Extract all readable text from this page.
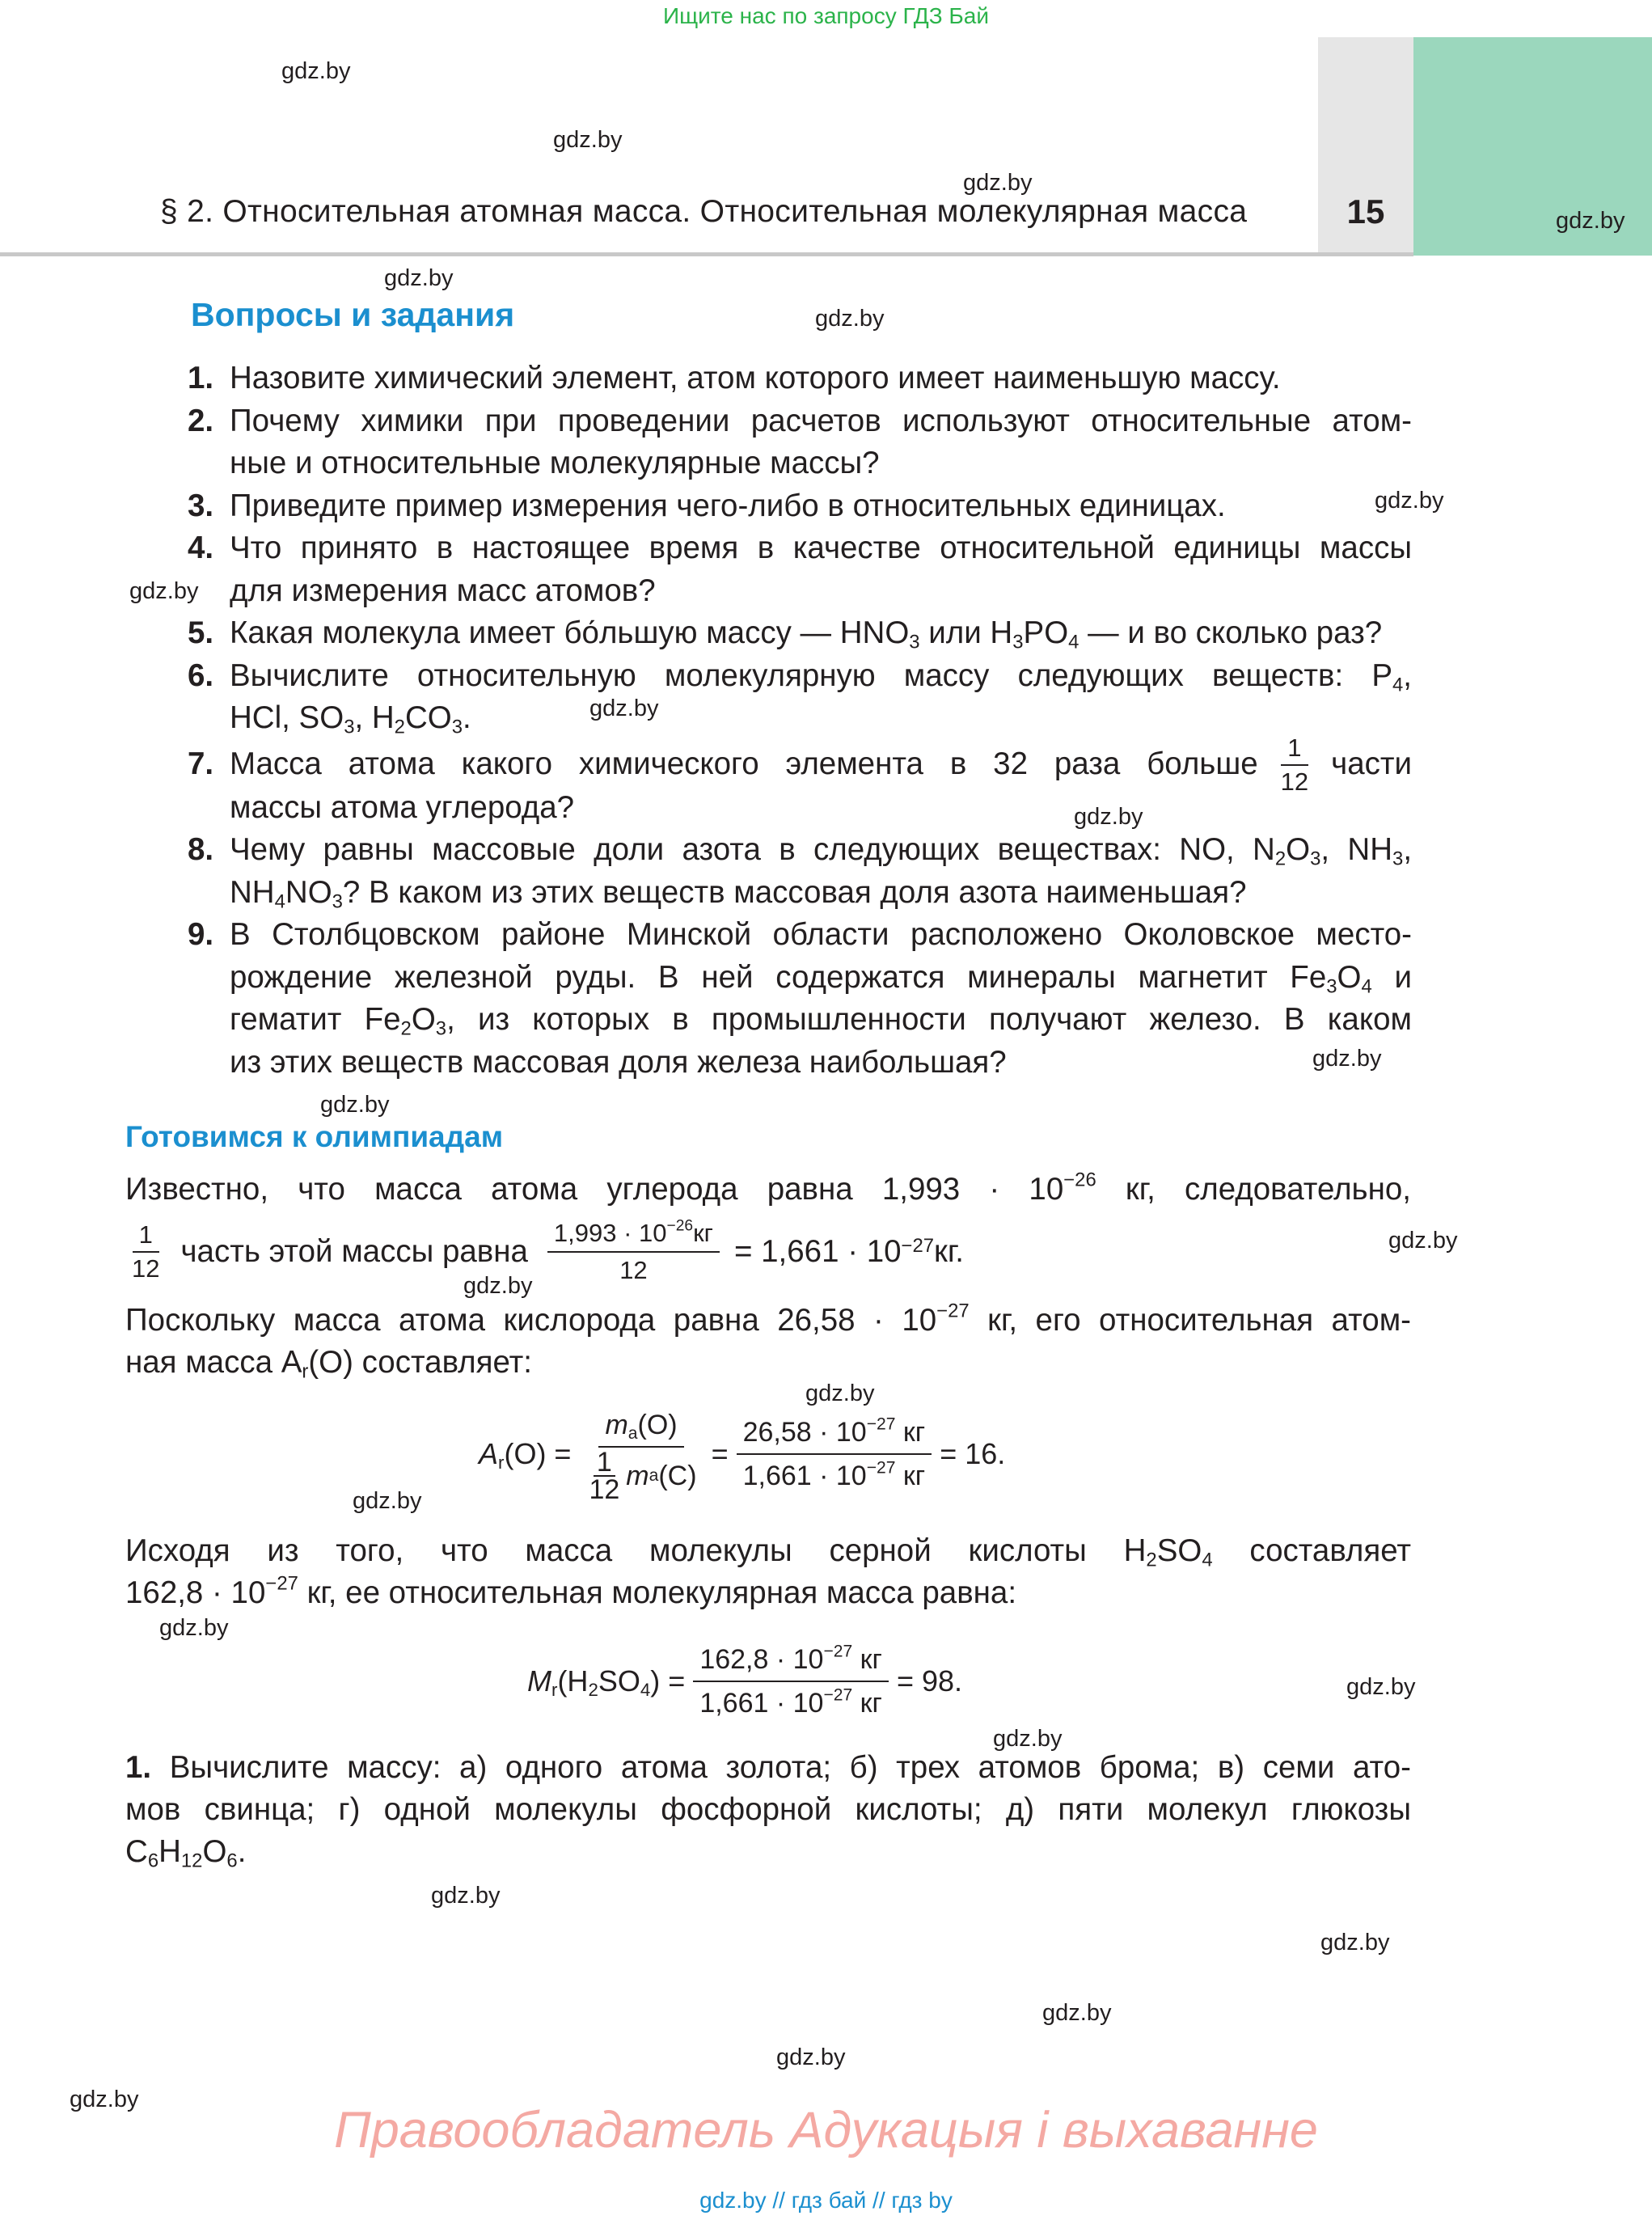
Ищите нас по запросу ГДЗ Бай
§ 2. Относительная атомная масса. Относительная молекулярная масса	15
gdz.by
gdz.by
gdz.by
gdz.by
gdz.by
gdz.by
gdz.by
gdz.by
gdz.by
gdz.by
gdz.by
gdz.by
gdz.by
gdz.by
gdz.by
gdz.by
gdz.by
gdz.by
gdz.by
gdz.by
gdz.by
gdz.by
gdz.by
gdz.by
Вопросы и задания
1. Назовите химический элемент, атом которого имеет наименьшую массу.
2. Почему химики при проведении расчетов используют относительные атом-
ные и относительные молекулярные массы?
3. Приведите пример измерения чего-либо в относительных единицах.
4. Что принято в настоящее время в качестве относительной единицы массы
для измерения масс атомов?
5. Какая молекула имеет бо́льшую массу — $HNO_3$ или $H_3PO_4$ — и во сколько раз?
6. Вычислите относительную молекулярную массу следующих веществ: $P_4$,
HCl, $SO_3$, $H_2CO_3$.
7. Масса атома какого химического элемента в 32 раза больше $\frac{1}{12}$ части
массы атома углерода?
8. Чему равны массовые доли азота в следующих веществах: NO, $N_2O_3$, $NH_3$,
$NH_4NO_3$? В каком из этих веществ массовая доля азота наименьшая?
9. В Столбцовском районе Минской области расположено Околовское место-
рождение железной руды. В ней содержатся минералы магнетит $Fe_3O_4$ и
гематит $Fe_2O_3$, из которых в промышленности получают железо. В каком
из этих веществ массовая доля железа наибольшая?
Готовимся к олимпиадам
Известно, что масса атома углерода равна $1,993 \cdot 10^{-26}$ кг, следовательно,
$\frac{1}{12}$ часть этой массы равна $\frac{1,993 \cdot 10^{-26}кг}{12} = 1,661 \cdot 10 -27$ кг.
Поскольку масса атома кислорода равна $26,58 \cdot 10^{-27}$ кг, его относительная атом-
ная масса $A_r(O)$ составляет:
$A_r(O) = \frac{m_a(O)}{\frac{1}{12} m a (C)} = \frac{26,58 \cdot 10^{-27} кг}{1,661 \cdot 10^{-27} кг} = 16$.
Исходя из того, что масса молекулы серной кислоты $H_2SO_4$ составляет
$162,8 \cdot 10^{-27}$ кг, ее относительная молекулярная масса равна:
$M_r(H_2SO_4) = \frac{162,8 \cdot 10^{-27} кг}{1,661 \cdot 10^{-27} кг} = 98$.
1. Вычислите массу: а) одного атома золота; б) трех атомов брома; в) семи ато-
мов свинца; г) одной молекулы фосфорной кислоты; д) пяти молекул глюкозы
$C_6H_{12}O_6$.
Правообладатель Адукацыя і выхаванне
gdz.by // гдз бай // гдз by
